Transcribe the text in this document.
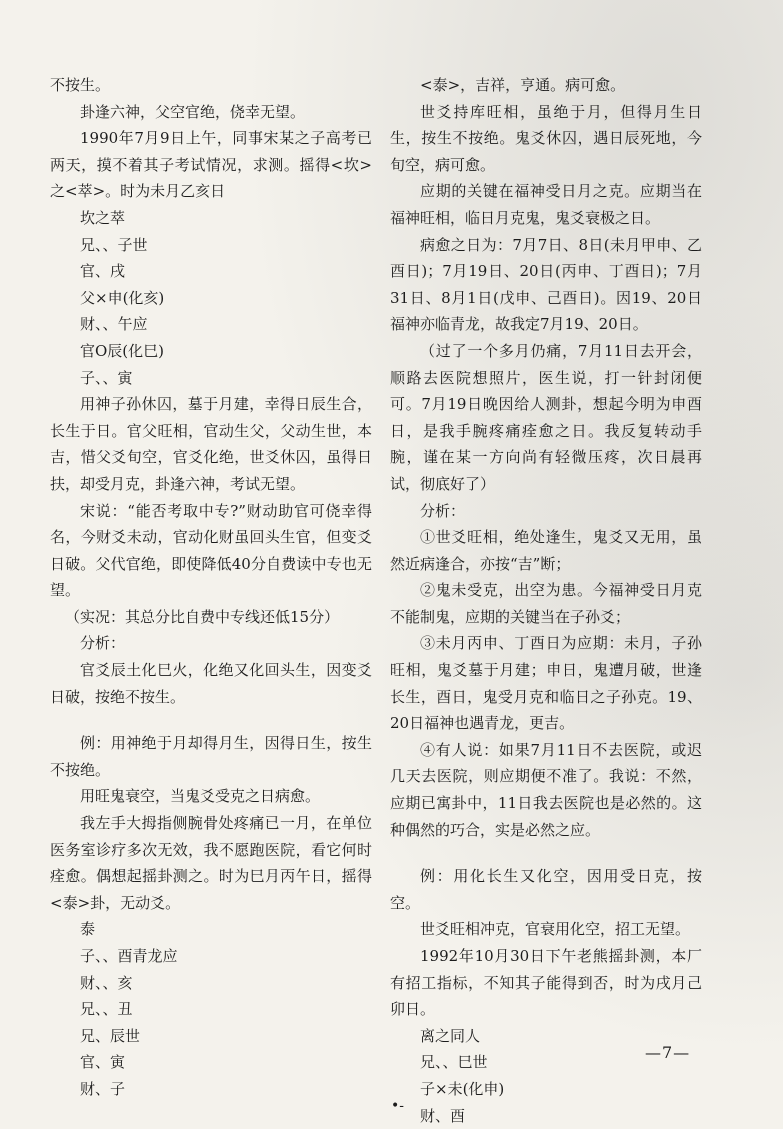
不按生。

卦逢六神，父空官绝，侥幸无望。

1990年7月9日上午，同事宋某之子高考已两天，摸不着其子考试情况，求测。摇得<坎>之<萃>。时为未月乙亥日

坎之萃

兄、、子世

官、戌

父×申(化亥)

财、、午应

官O辰(化巳)

子、、寅

用神子孙休囚，墓于月建，幸得日辰生合，长生于日。官父旺相，官动生父，父动生世，本吉，惜父爻旬空，官爻化绝，世爻休囚，虽得日扶，却受月克，卦逢六神，考试无望。

宋说：“能否考取中专?”财动助官可侥幸得名，今财爻未动，官动化财虽回头生官，但变爻日破。父代官绝，即使降低40分自费读中专也无望。

（实况：其总分比自费中专线还低15分）

分析：

官爻辰土化巳火，化绝又化回头生，因变爻日破，按绝不按生。

例：用神绝于月却得月生，因得日生，按生不按绝。

用旺鬼衰空，当鬼爻受克之日病愈。

我左手大拇指侧腕骨处疼痛已一月，在单位医务室诊疗多次无效，我不愿跑医院，看它何时痊愈。偶想起摇卦测之。时为巳月丙午日，摇得<泰>卦，无动爻。

泰

子、、酉青龙应

财、、亥

兄、、丑

兄、辰世

官、寅

财、子

<泰>，吉祥，亨通。病可愈。

世爻持库旺相，虽绝于月，但得月生日生，按生不按绝。鬼爻休囚，遇日辰死地，今旬空，病可愈。

应期的关键在福神受日月之克。应期当在福神旺相，临日月克鬼，鬼爻衰极之日。

病愈之日为：7月7日、8日(未月甲申、乙酉日)；7月19日、20日(丙申、丁酉日)；7月31日、8月1日(戊申、己酉日)。因19、20日福神亦临青龙，故我定7月19、20日。

（过了一个多月仍痛，7月11日去开会，顺路去医院想照片，医生说，打一针封闭便可。7月19日晚因给人测卦，想起今明为申酉日，是我手腕疼痛痊愈之日。我反复转动手腕，谨在某一方向尚有轻微压疼，次日晨再试，彻底好了）

分析：

①世爻旺相，绝处逢生，鬼爻又无用，虽然近病逢合，亦按“吉”断；

②鬼未受克，出空为患。今福神受日月克不能制鬼，应期的关键当在子孙爻；

③未月丙申、丁酉日为应期：未月，子孙旺相，鬼爻墓于月建；申日，鬼遭月破，世逢长生，酉日，鬼受月克和临日之子孙克。19、20日福神也遇青龙，更吉。

④有人说：如果7月11日不去医院，或迟几天去医院，则应期便不准了。我说：不然，应期已寓卦中，11日我去医院也是必然的。这种偶然的巧合，实是必然之应。

例：用化长生又化空，因用受日克，按空。

世爻旺相冲克，官衰用化空，招工无望。

1992年10月30日下午老熊摇卦测，本厂有招工指标，不知其子能得到否，时为戌月己卯日。

离之同人

兄、、巳世

子×未(化申)

财、酉

—7—
•-
